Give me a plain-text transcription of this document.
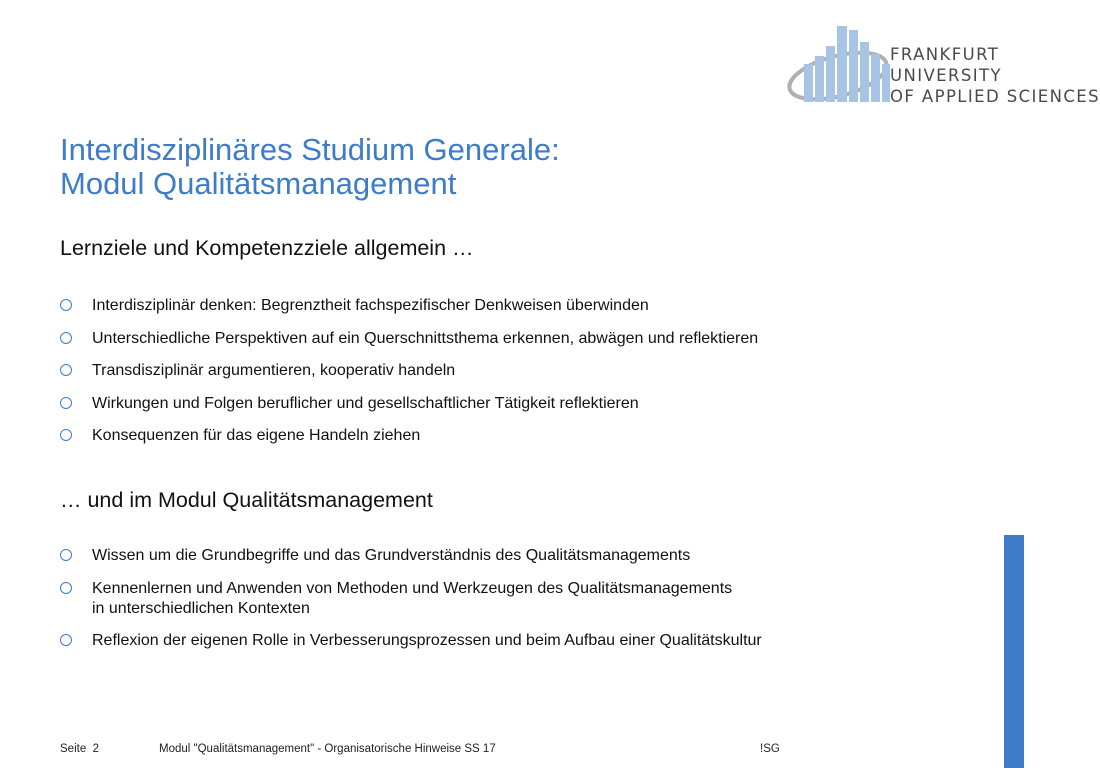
FRANKFURT
UNIVERSITY
OF APPLIED SCIENCES
Interdisziplinäres Studium Generale:
Modul Qualitätsmanagement
Lernziele und Kompetenzziele allgemein …
Interdisziplinär denken: Begrenztheit fachspezifischer Denkweisen überwinden
Unterschiedliche Perspektiven auf ein Querschnittsthema erkennen, abwägen und reflektieren
Transdisziplinär argumentieren, kooperativ handeln
Wirkungen und Folgen beruflicher und gesellschaftlicher Tätigkeit reflektieren
Konsequenzen für das eigene Handeln ziehen
… und im Modul Qualitätsmanagement
Wissen um die Grundbegriffe und das Grundverständnis des Qualitätsmanagements
Kennenlernen und Anwenden von Methoden und Werkzeugen des Qualitätsmanagements
in unterschiedlichen Kontexten
Reflexion der eigenen Rolle in Verbesserungsprozessen und beim Aufbau einer Qualitätskultur
Seite 2	Modul "Qualitätsmanagement" - Organisatorische Hinweise SS 17	!SG
